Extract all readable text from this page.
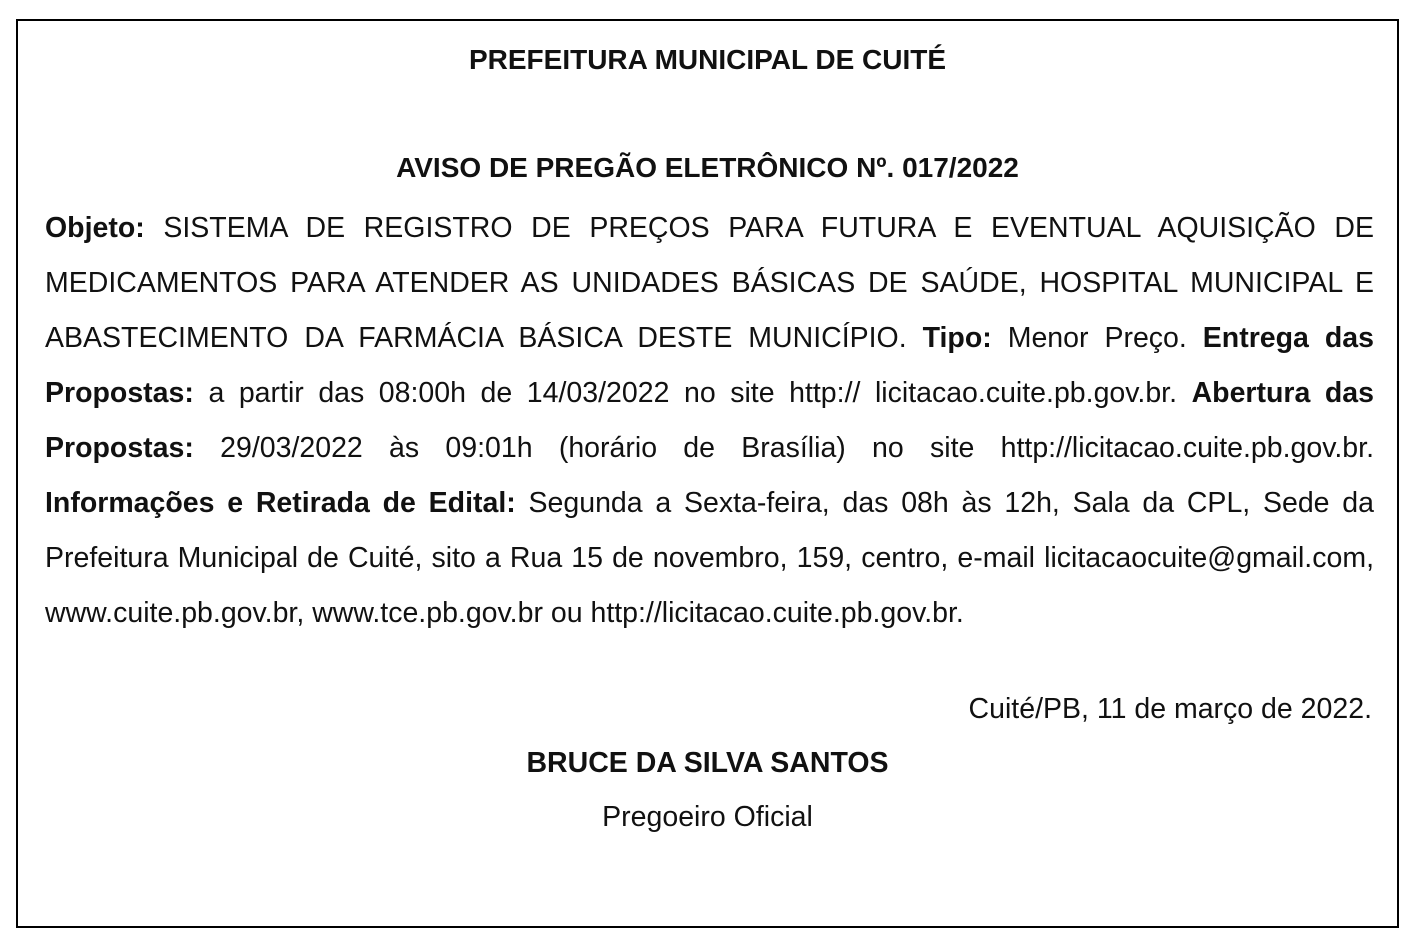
PREFEITURA MUNICIPAL DE CUITÉ
AVISO DE PREGÃO ELETRÔNICO Nº. 017/2022
Objeto: SISTEMA DE REGISTRO DE PREÇOS PARA FUTURA E EVENTUAL AQUISIÇÃO DE MEDICAMENTOS PARA ATENDER AS UNIDADES BÁSICAS DE SAÚDE, HOSPITAL MUNICIPAL E ABASTECIMENTO DA FARMÁCIA BÁSICA DESTE MUNICÍPIO. Tipo: Menor Preço. Entrega das Propostas: a partir das 08:00h de 14/03/2022 no site http:// licitacao.cuite.pb.gov.br. Abertura das Propostas: 29/03/2022 às 09:01h (horário de Brasília) no site http://licitacao.cuite.pb.gov.br. Informações e Retirada de Edital: Segunda a Sexta-feira, das 08h às 12h, Sala da CPL, Sede da Prefeitura Municipal de Cuité, sito a Rua 15 de novembro, 159, centro, e-mail licitacaocuite@gmail.com, www.cuite.pb.gov.br, www.tce.pb.gov.br ou http://licitacao.cuite.pb.gov.br.
Cuité/PB, 11 de março de 2022.
BRUCE DA SILVA SANTOS
Pregoeiro Oficial
